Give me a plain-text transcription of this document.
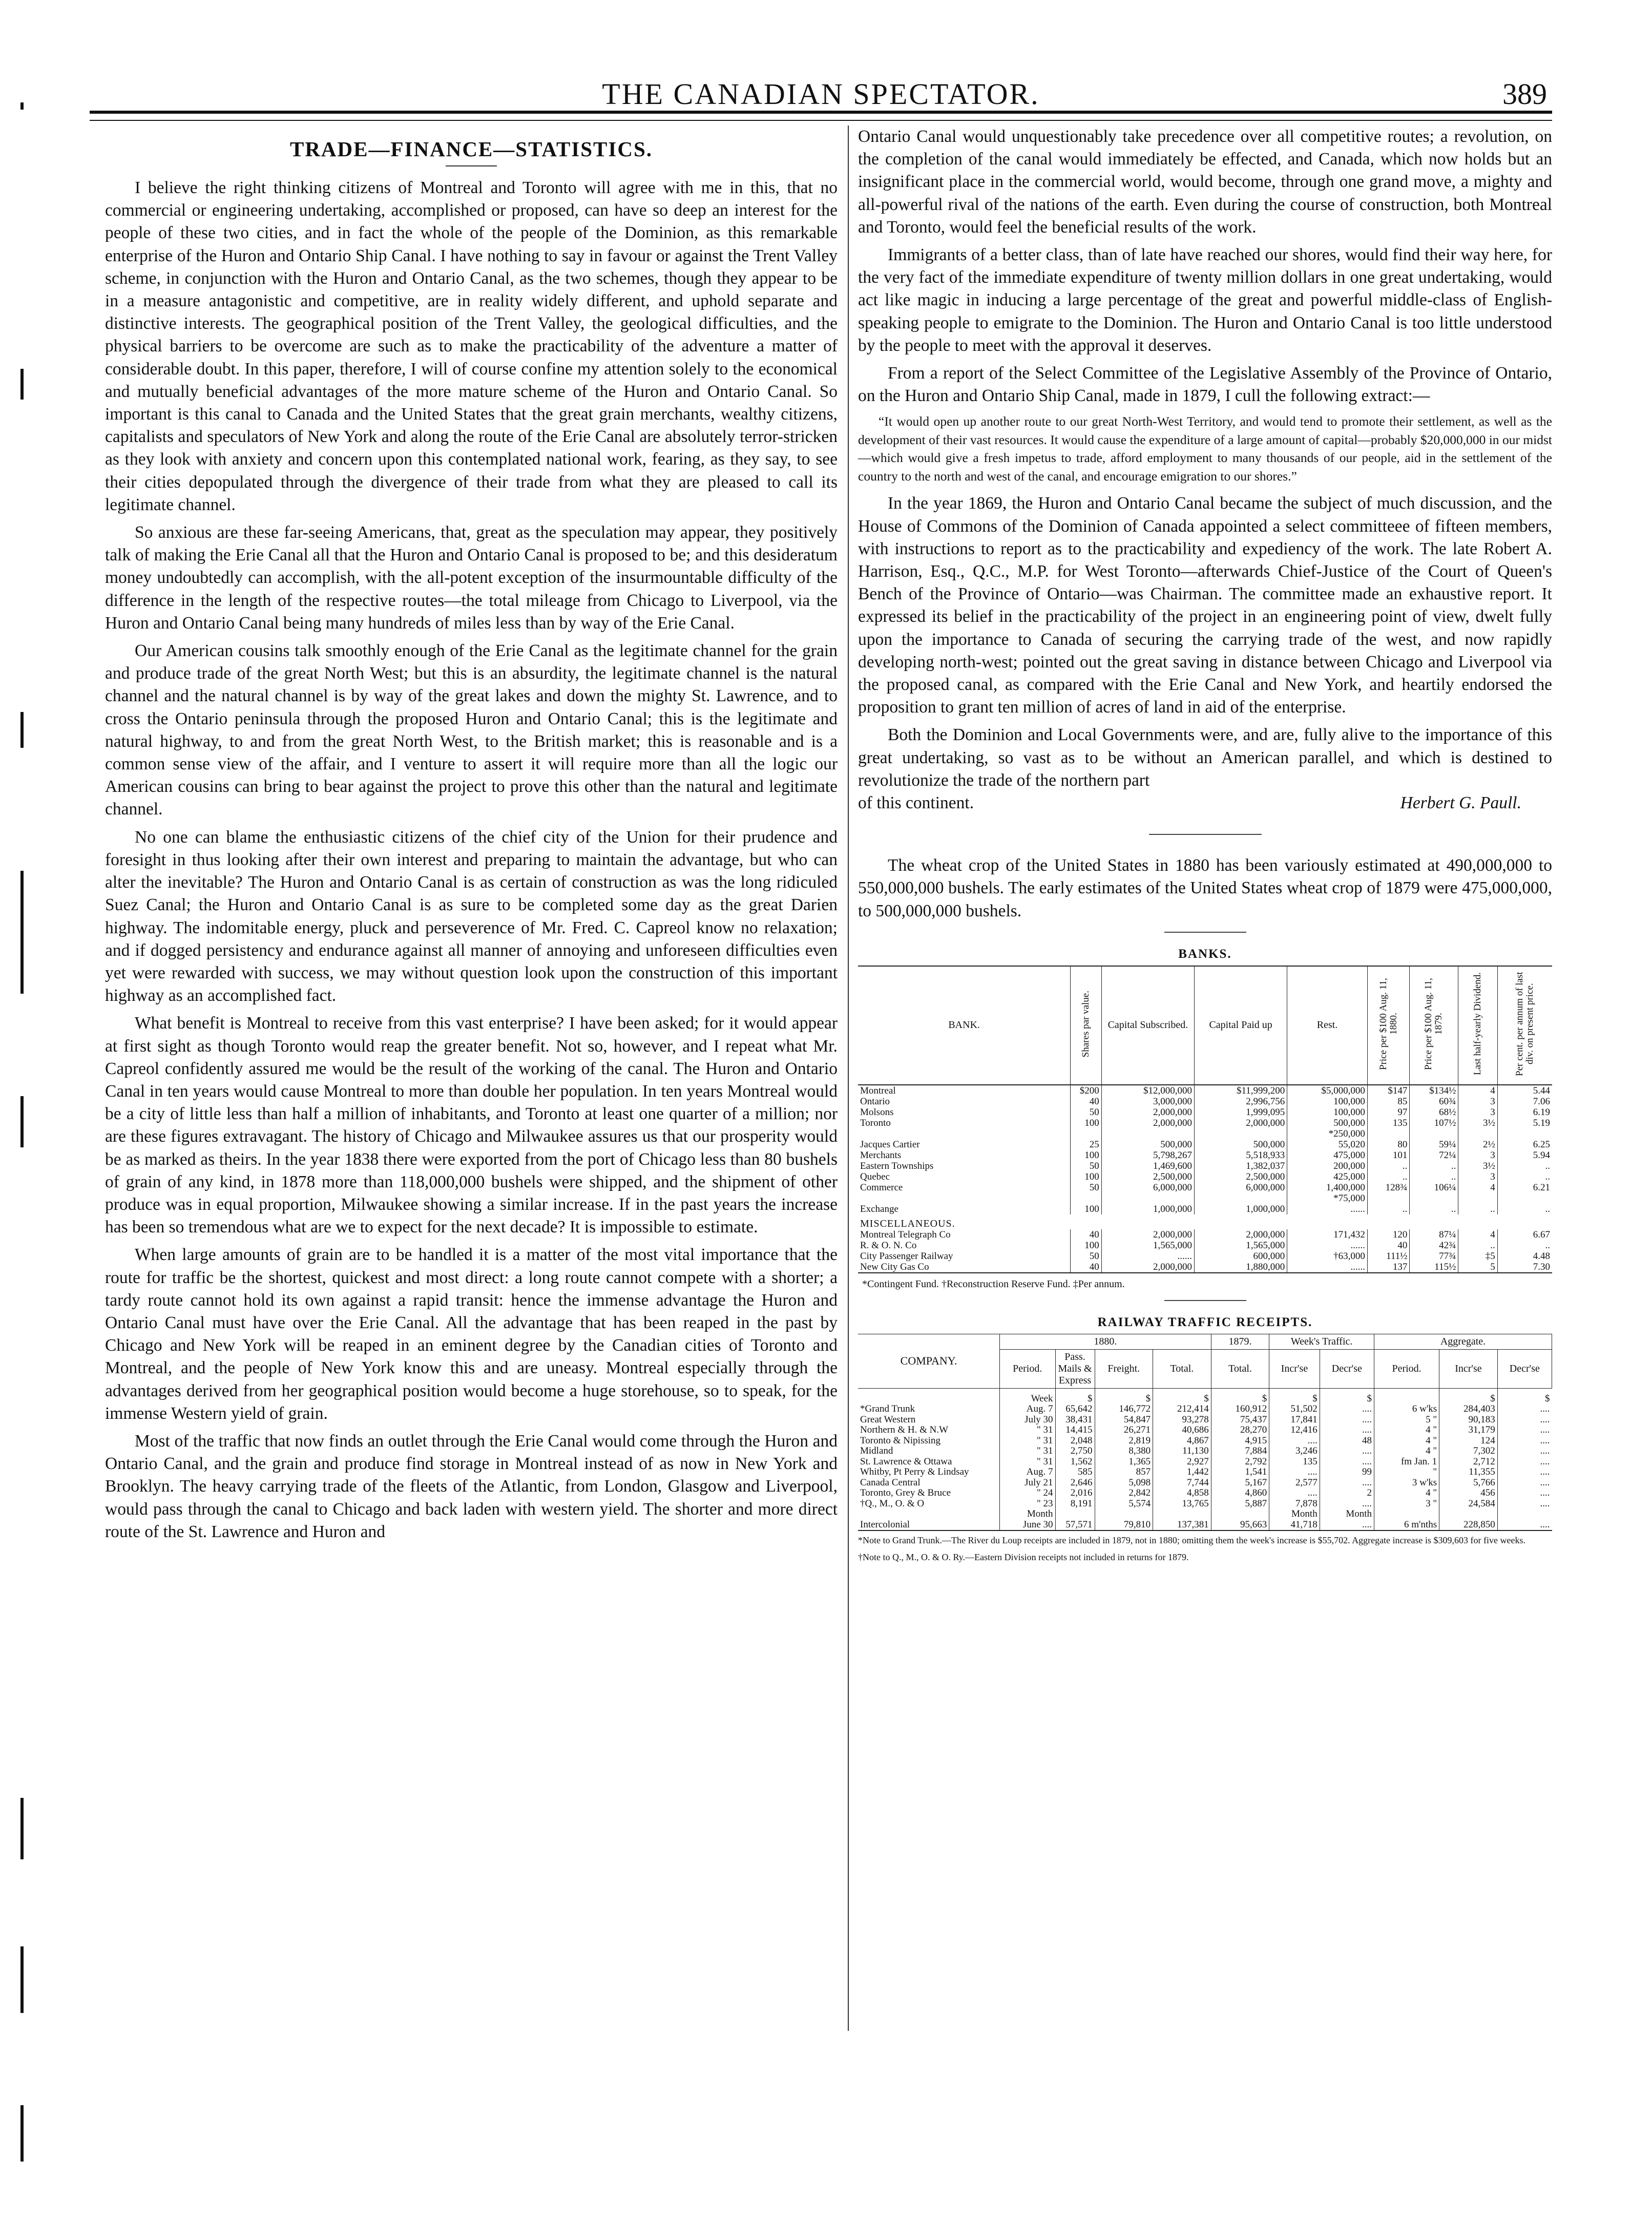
THE CANADIAN SPECTATOR.	389
TRADE—FINANCE—STATISTICS.

I believe the right thinking citizens of Montreal and Toronto will agree with me in this, that no commercial or engineering undertaking, accomplished or proposed, can have so deep an interest for the people of these two cities, and in fact the whole of the people of the Dominion, as this remarkable enterprise of the Huron and Ontario Ship Canal. I have nothing to say in favour or against the Trent Valley scheme, in conjunction with the Huron and Ontario Canal, as the two schemes, though they appear to be in a measure antagonistic and competitive, are in reality widely different, and uphold separate and distinctive interests. The geographical position of the Trent Valley, the geological difficulties, and the physical barriers to be overcome are such as to make the practicability of the adventure a matter of considerable doubt. In this paper, therefore, I will of course confine my attention solely to the economical and mutually beneficial advantages of the more mature scheme of the Huron and Ontario Canal. So important is this canal to Canada and the United States that the great grain merchants, wealthy citizens, capitalists and speculators of New York and along the route of the Erie Canal are absolutely terror-stricken as they look with anxiety and concern upon this contemplated national work, fearing, as they say, to see their cities depopulated through the divergence of their trade from what they are pleased to call its legitimate channel.

So anxious are these far-seeing Americans, that, great as the speculation may appear, they positively talk of making the Erie Canal all that the Huron and Ontario Canal is proposed to be; and this desideratum money undoubtedly can accomplish, with the all-potent exception of the insurmountable difficulty of the difference in the length of the respective routes—the total mileage from Chicago to Liverpool, via the Huron and Ontario Canal being many hundreds of miles less than by way of the Erie Canal.

Our American cousins talk smoothly enough of the Erie Canal as the legitimate channel for the grain and produce trade of the great North West; but this is an absurdity, the legitimate channel is the natural channel and the natural channel is by way of the great lakes and down the mighty St. Lawrence, and to cross the Ontario peninsula through the proposed Huron and Ontario Canal; this is the legitimate and natural highway, to and from the great North West, to the British market; this is reasonable and is a common sense view of the affair, and I venture to assert it will require more than all the logic our American cousins can bring to bear against the project to prove this other than the natural and legitimate channel.

No one can blame the enthusiastic citizens of the chief city of the Union for their prudence and foresight in thus looking after their own interest and preparing to maintain the advantage, but who can alter the inevitable? The Huron and Ontario Canal is as certain of construction as was the long ridiculed Suez Canal; the Huron and Ontario Canal is as sure to be completed some day as the great Darien highway. The indomitable energy, pluck and perseverence of Mr. Fred. C. Capreol know no relaxation; and if dogged persistency and endurance against all manner of annoying and unforeseen difficulties even yet were rewarded with success, we may without question look upon the construction of this important highway as an accomplished fact.

What benefit is Montreal to receive from this vast enterprise? I have been asked; for it would appear at first sight as though Toronto would reap the greater benefit. Not so, however, and I repeat what Mr. Capreol confidently assured me would be the result of the working of the canal. The Huron and Ontario Canal in ten years would cause Montreal to more than double her population. In ten years Montreal would be a city of little less than half a million of inhabitants, and Toronto at least one quarter of a million; nor are these figures extravagant. The history of Chicago and Milwaukee assures us that our prosperity would be as marked as theirs. In the year 1838 there were exported from the port of Chicago less than 80 bushels of grain of any kind, in 1878 more than 118,000,000 bushels were shipped, and the shipment of other produce was in equal proportion, Milwaukee showing a similar increase. If in the past years the increase has been so tremendous what are we to expect for the next decade? It is impossible to estimate.

When large amounts of grain are to be handled it is a matter of the most vital importance that the route for traffic be the shortest, quickest and most direct: a long route cannot compete with a shorter; a tardy route cannot hold its own against a rapid transit: hence the immense advantage the Huron and Ontario Canal must have over the Erie Canal. All the advantage that has been reaped in the past by Chicago and New York will be reaped in an eminent degree by the Canadian cities of Toronto and Montreal, and the people of New York know this and are uneasy. Montreal especially through the advantages derived from her geographical position would become a huge storehouse, so to speak, for the immense Western yield of grain.

Most of the traffic that now finds an outlet through the Erie Canal would come through the Huron and Ontario Canal, and the grain and produce find storage in Montreal instead of as now in New York and Brooklyn. The heavy carrying trade of the fleets of the Atlantic, from London, Glasgow and Liverpool, would pass through the canal to Chicago and back laden with western yield. The shorter and more direct route of the St. Lawrence and Huron and

Ontario Canal would unquestionably take precedence over all competitive routes; a revolution, on the completion of the canal would immediately be effected, and Canada, which now holds but an insignificant place in the commercial world, would become, through one grand move, a mighty and all-powerful rival of the nations of the earth. Even during the course of construction, both Montreal and Toronto, would feel the beneficial results of the work.

Immigrants of a better class, than of late have reached our shores, would find their way here, for the very fact of the immediate expenditure of twenty million dollars in one great undertaking, would act like magic in inducing a large percentage of the great and powerful middle-class of English-speaking people to emigrate to the Dominion. The Huron and Ontario Canal is too little understood by the people to meet with the approval it deserves.

From a report of the Select Committee of the Legislative Assembly of the Province of Ontario, on the Huron and Ontario Ship Canal, made in 1879, I cull the following extract:—

“It would open up another route to our great North-West Territory, and would tend to promote their settlement, as well as the development of their vast resources. It would cause the expenditure of a large amount of capital—probably $20,000,000 in our midst—which would give a fresh impetus to trade, afford employment to many thousands of our people, aid in the settlement of the country to the north and west of the canal, and encourage emigration to our shores.”

In the year 1869, the Huron and Ontario Canal became the subject of much discussion, and the House of Commons of the Dominion of Canada appointed a select committeee of fifteen members, with instructions to report as to the practicability and expediency of the work. The late Robert A. Harrison, Esq., Q.C., M.P. for West Toronto—afterwards Chief-Justice of the Court of Queen's Bench of the Province of Ontario—was Chairman. The committee made an exhaustive report. It expressed its belief in the practicability of the project in an engineering point of view, dwelt fully upon the importance to Canada of securing the carrying trade of the west, and now rapidly developing north-west; pointed out the great saving in distance between Chicago and Liverpool via the proposed canal, as compared with the Erie Canal and New York, and heartily endorsed the proposition to grant ten million of acres of land in aid of the enterprise.

Both the Dominion and Local Governments were, and are, fully alive to the importance of this great undertaking, so vast as to be without an American parallel, and which is destined to revolutionize the trade of the northern part

of this continent.	Herbert G. Paull.

The wheat crop of the United States in 1880 has been variously estimated at 490,000,000 to 550,000,000 bushels. The early estimates of the United States wheat crop of 1879 were 475,000,000, to 500,000,000 bushels.

BANKS.
BANK.	Shares par value.	Capital Subscribed.	Capital Paid up	Rest.	Price per $100 Aug. 11, 1880.	Price per $100 Aug. 11, 1879.	Last half-yearly Dividend.	Per cent. per annum of last div. on present price.
Montreal	$200	$12,000,000	$11,999,200	$5,000,000	$147	$134½	4	5.44
Ontario	40	3,000,000	2,996,756	100,000	85	60¾	3	7.06
Molsons	50	2,000,000	1,999,095	100,000	97	68½	3	6.19
Toronto	100	2,000,000	2,000,000	500,000	135	107½	3½	5.19
				*250,000				
Jacques Cartier	25	500,000	500,000	55,020	80	59¼	2½	6.25
Merchants	100	5,798,267	5,518,933	475,000	101	72¼	3	5.94
Eastern Townships	50	1,469,600	1,382,037	200,000	..	..	3½	..
Quebec	100	2,500,000	2,500,000	425,000	..	..	3	..
Commerce	50	6,000,000	6,000,000	1,400,000	128¾	106¼	4	6.21
				*75,000				
Exchange	100	1,000,000	1,000,000	......	..	..	..	..
MISCELLANEOUS.								
Montreal Telegraph Co	40	2,000,000	2,000,000	171,432	120	87¼	4	6.67
R. & O. N. Co	100	1,565,000	1,565,000	......	40	42¾	..	..
City Passenger Railway	50	......	600,000	†63,000	111½	77¾	‡5	4.48
New City Gas Co	40	2,000,000	1,880,000	......	137	115½	5	7.30
*Contingent Fund. †Reconstruction Reserve Fund. ‡Per annum.
RAILWAY TRAFFIC RECEIPTS.
COMPANY.	1880.				1879.	Week's Traffic.		Aggregate.		
	Period.	Pass. Mails & Express	Freight.	Total.	Total.	Incr'se	Decr'se	Period.	Incr'se	Decr'se
	Week	$	$	$	$	$	$		$	$
*Grand Trunk	Aug. 7	65,642	146,772	212,414	160,912	51,502	....	6 w'ks	284,403	....
Great Western	July 30	38,431	54,847	93,278	75,437	17,841	....	5 "	90,183	....
Northern & H. & N.W	" 31	14,415	26,271	40,686	28,270	12,416	....	4 "	31,179	....
Toronto & Nipissing	" 31	2,048	2,819	4,867	4,915	....	48	4 "	124	....
Midland	" 31	2,750	8,380	11,130	7,884	3,246	....	4 "	7,302	....
St. Lawrence & Ottawa	" 31	1,562	1,365	2,927	2,792	135	....	fm Jan. 1	2,712	....
Whitby, Pt Perry & Lindsay	Aug. 7	585	857	1,442	1,541	....	99	"	11,355	....
Canada Central	July 21	2,646	5,098	7,744	5,167	2,577	....	3 w'ks	5,766	....
Toronto, Grey & Bruce	" 24	2,016	2,842	4,858	4,860	....	2	4 "	456	....
†Q., M., O. & O	" 23	8,191	5,574	13,765	5,887	7,878	....	3 "	24,584	....
	Month					Month	Month			
Intercolonial	June 30	57,571	79,810	137,381	95,663	41,718	....	6 m'nths	228,850	....

*Note to Grand Trunk.—The River du Loup receipts are included in 1879, not in 1880; omitting them the week's increase is $55,702. Aggregate increase is $309,603 for five weeks.

†Note to Q., M., O. & O. Ry.—Eastern Division receipts not included in returns for 1879.
